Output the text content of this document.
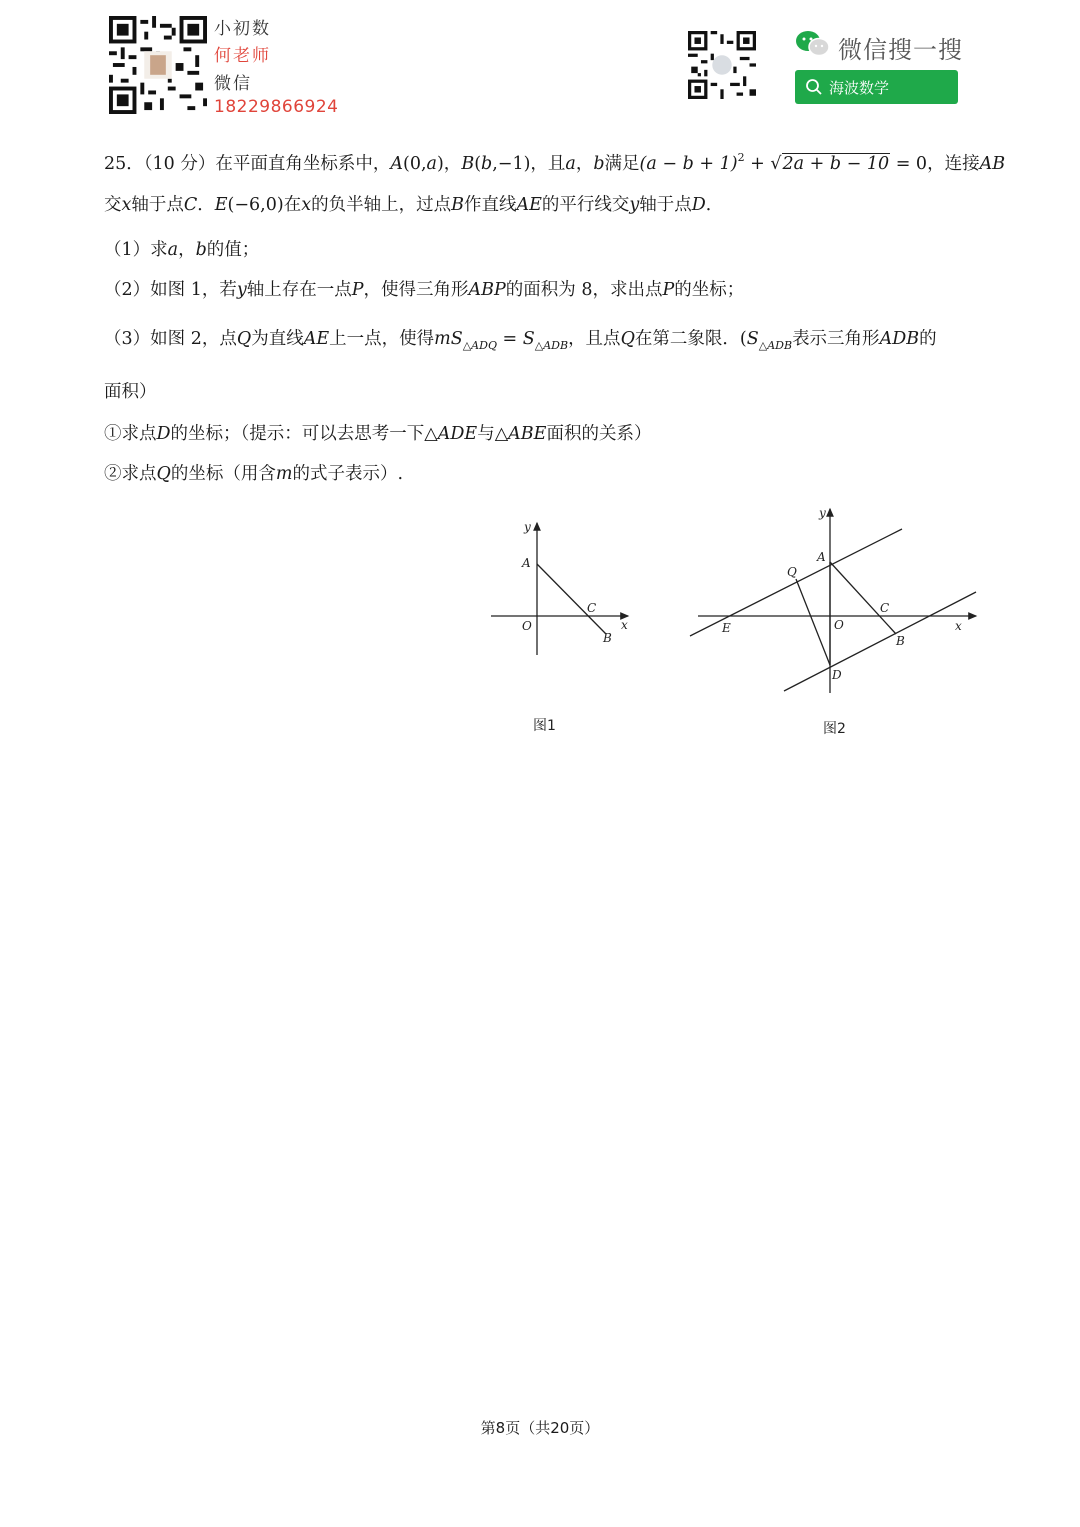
小初数
何老师
微信
18229866924
微信搜一搜
海波数学
25．（10 分）在平面直角坐标系中，A(0,a)，B(b,−1)，且a，b满足$(a - b + 1)^2 + √2a + b - 10 = 0$，连接AB
交x轴于点C．E(−6,0)在x的负半轴上，过点B作直线AE的平行线交y轴于点D．
（1）求a，b的值；
（2）如图 1，若y轴上存在一点P，使得三角形ABP的面积为 8，求出点P的坐标；
（3）如图 2，点Q为直线AE上一点，使得$mS_{\triangle ADQ} = S_{\triangle ADB}$，且点Q在第二象限．($S_{\triangle ADB}$表示三角形ADB的
面积）
①求点D的坐标；（提示：可以去思考一下△ADE与△ABE面积的关系）
②求点Q的坐标（用含m的式子表示）.
y
A
C
O	x
B
图1
y
A
Q
C
E	O
B
x
D
图2
第8页（共20页）
